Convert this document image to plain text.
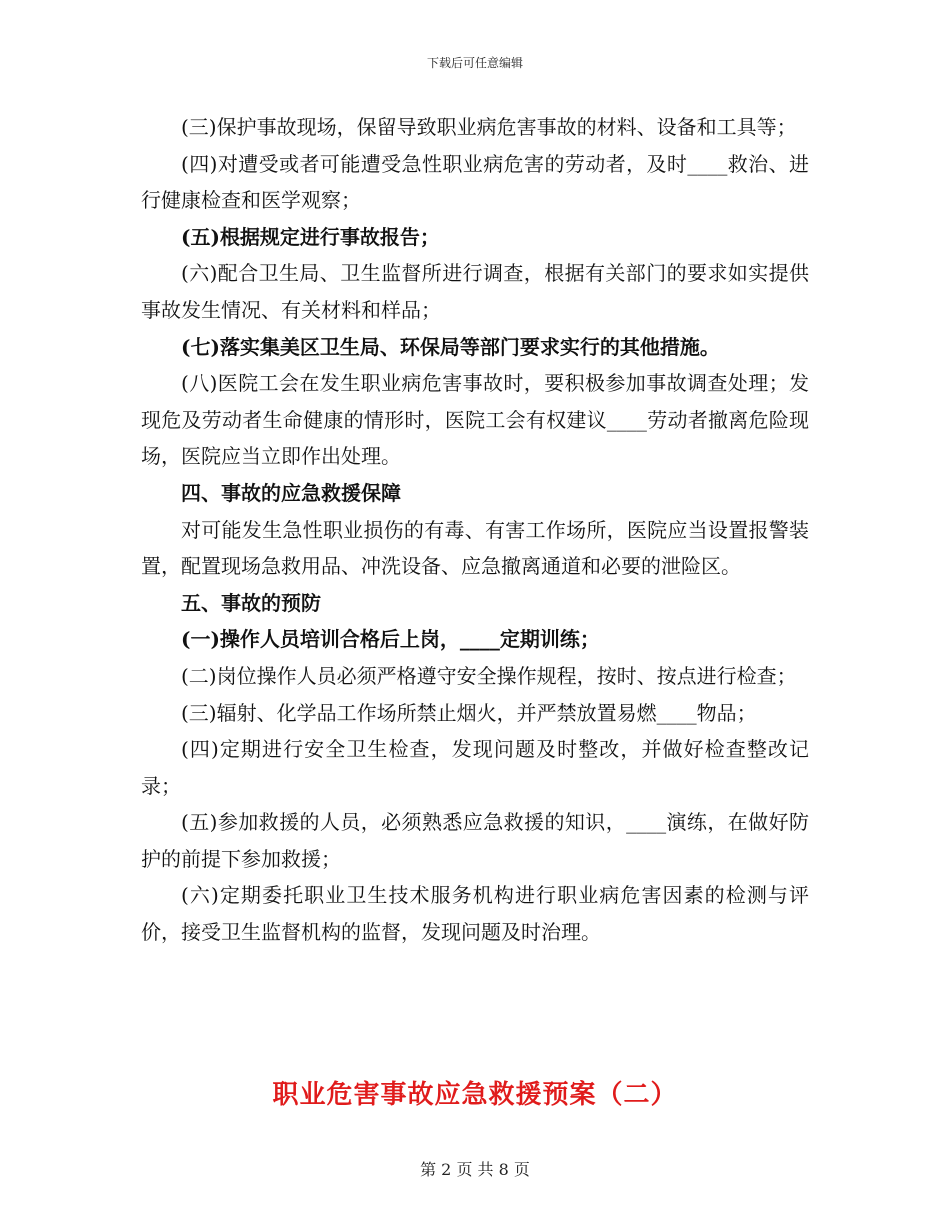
下载后可任意编辑

(三)保护事故现场，保留导致职业病危害事故的材料、设备和工具等；

(四)对遭受或者可能遭受急性职业病危害的劳动者，及时____救治、进行健康检查和医学观察；

(五)根据规定进行事故报告；

(六)配合卫生局、卫生监督所进行调查，根据有关部门的要求如实提供事故发生情况、有关材料和样品；

(七)落实集美区卫生局、环保局等部门要求实行的其他措施。

(八)医院工会在发生职业病危害事故时，要积极参加事故调查处理；发现危及劳动者生命健康的情形时，医院工会有权建议____劳动者撤离危险现场，医院应当立即作出处理。

四、事故的应急救援保障

对可能发生急性职业损伤的有毒、有害工作场所，医院应当设置报警装置，配置现场急救用品、冲洗设备、应急撤离通道和必要的泄险区。

五、事故的预防

(一)操作人员培训合格后上岗，____定期训练；

(二)岗位操作人员必须严格遵守安全操作规程，按时、按点进行检查；

(三)辐射、化学品工作场所禁止烟火，并严禁放置易燃____物品；

(四)定期进行安全卫生检查，发现问题及时整改，并做好检查整改记录；

(五)参加救援的人员，必须熟悉应急救援的知识，____演练，在做好防护的前提下参加救援；

(六)定期委托职业卫生技术服务机构进行职业病危害因素的检测与评价，接受卫生监督机构的监督，发现问题及时治理。

职业危害事故应急救援预案（二）
第 2 页 共 8 页
